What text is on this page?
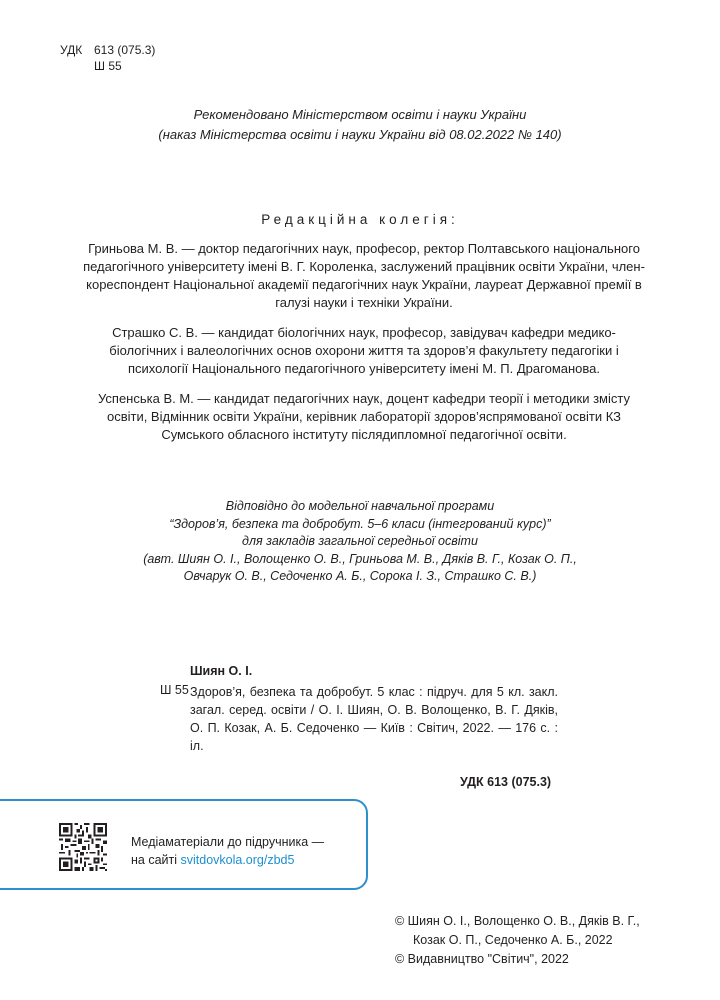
УДК 613 (075.3)
Ш 55
Рекомендовано Міністерством освіти і науки України
(наказ Міністерства освіти і науки України від 08.02.2022 № 140)
Редакційна колегія:
Гриньова М. В. — доктор педагогічних наук, професор, ректор Полтавського національного педагогічного університету імені В. Г. Короленка, заслужений працівник освіти України, член-кореспондент Національної академії педагогічних наук України, лауреат Державної премії в галузі науки і техніки України.
Страшко С. В. — кандидат біологічних наук, професор, завідувач кафедри медико-біологічних і валеологічних основ охорони життя та здоров’я факультету педагогіки і психології Національного педагогічного університету імені М. П. Драгоманова.
Успенська В. М. — кандидат педагогічних наук, доцент кафедри теорії і методики змісту освіти, Відмінник освіти України, керівник лабораторії здоров’яспрямованої освіти КЗ Сумського обласного інституту післядипломної педагогічної освіти.
Відповідно до модельної навчальної програми
“Здоров’я, безпека та добробут. 5–6 класи (інтегрований курс)”
для закладів загальної середньої освіти
(авт. Шиян О. І., Волощенко О. В., Гриньова М. В., Дяків В. Г., Козак О. П.,
Овчарук О. В., Седоченко А. Б., Сорока І. З., Страшко С. В.)
Шиян О. І.
Ш 55 Здоров’я, безпека та добробут. 5 клас : підруч. для 5 кл. закл. загал. серед. освіти / О. І. Шиян, О. В. Волощенко, В. Г. Дяків, О. П. Козак, А. Б. Седоченко — Київ : Світич, 2022. — 176 с. : іл.
УДК 613 (075.3)
Медіаматеріали до підручника —
на сайті svitdovkola.org/zbd5
© Шиян О. І., Волощенко О. В., Дяків В. Г.,
Козак О. П., Седоченко А. Б., 2022
© Видавництво "Світич", 2022
